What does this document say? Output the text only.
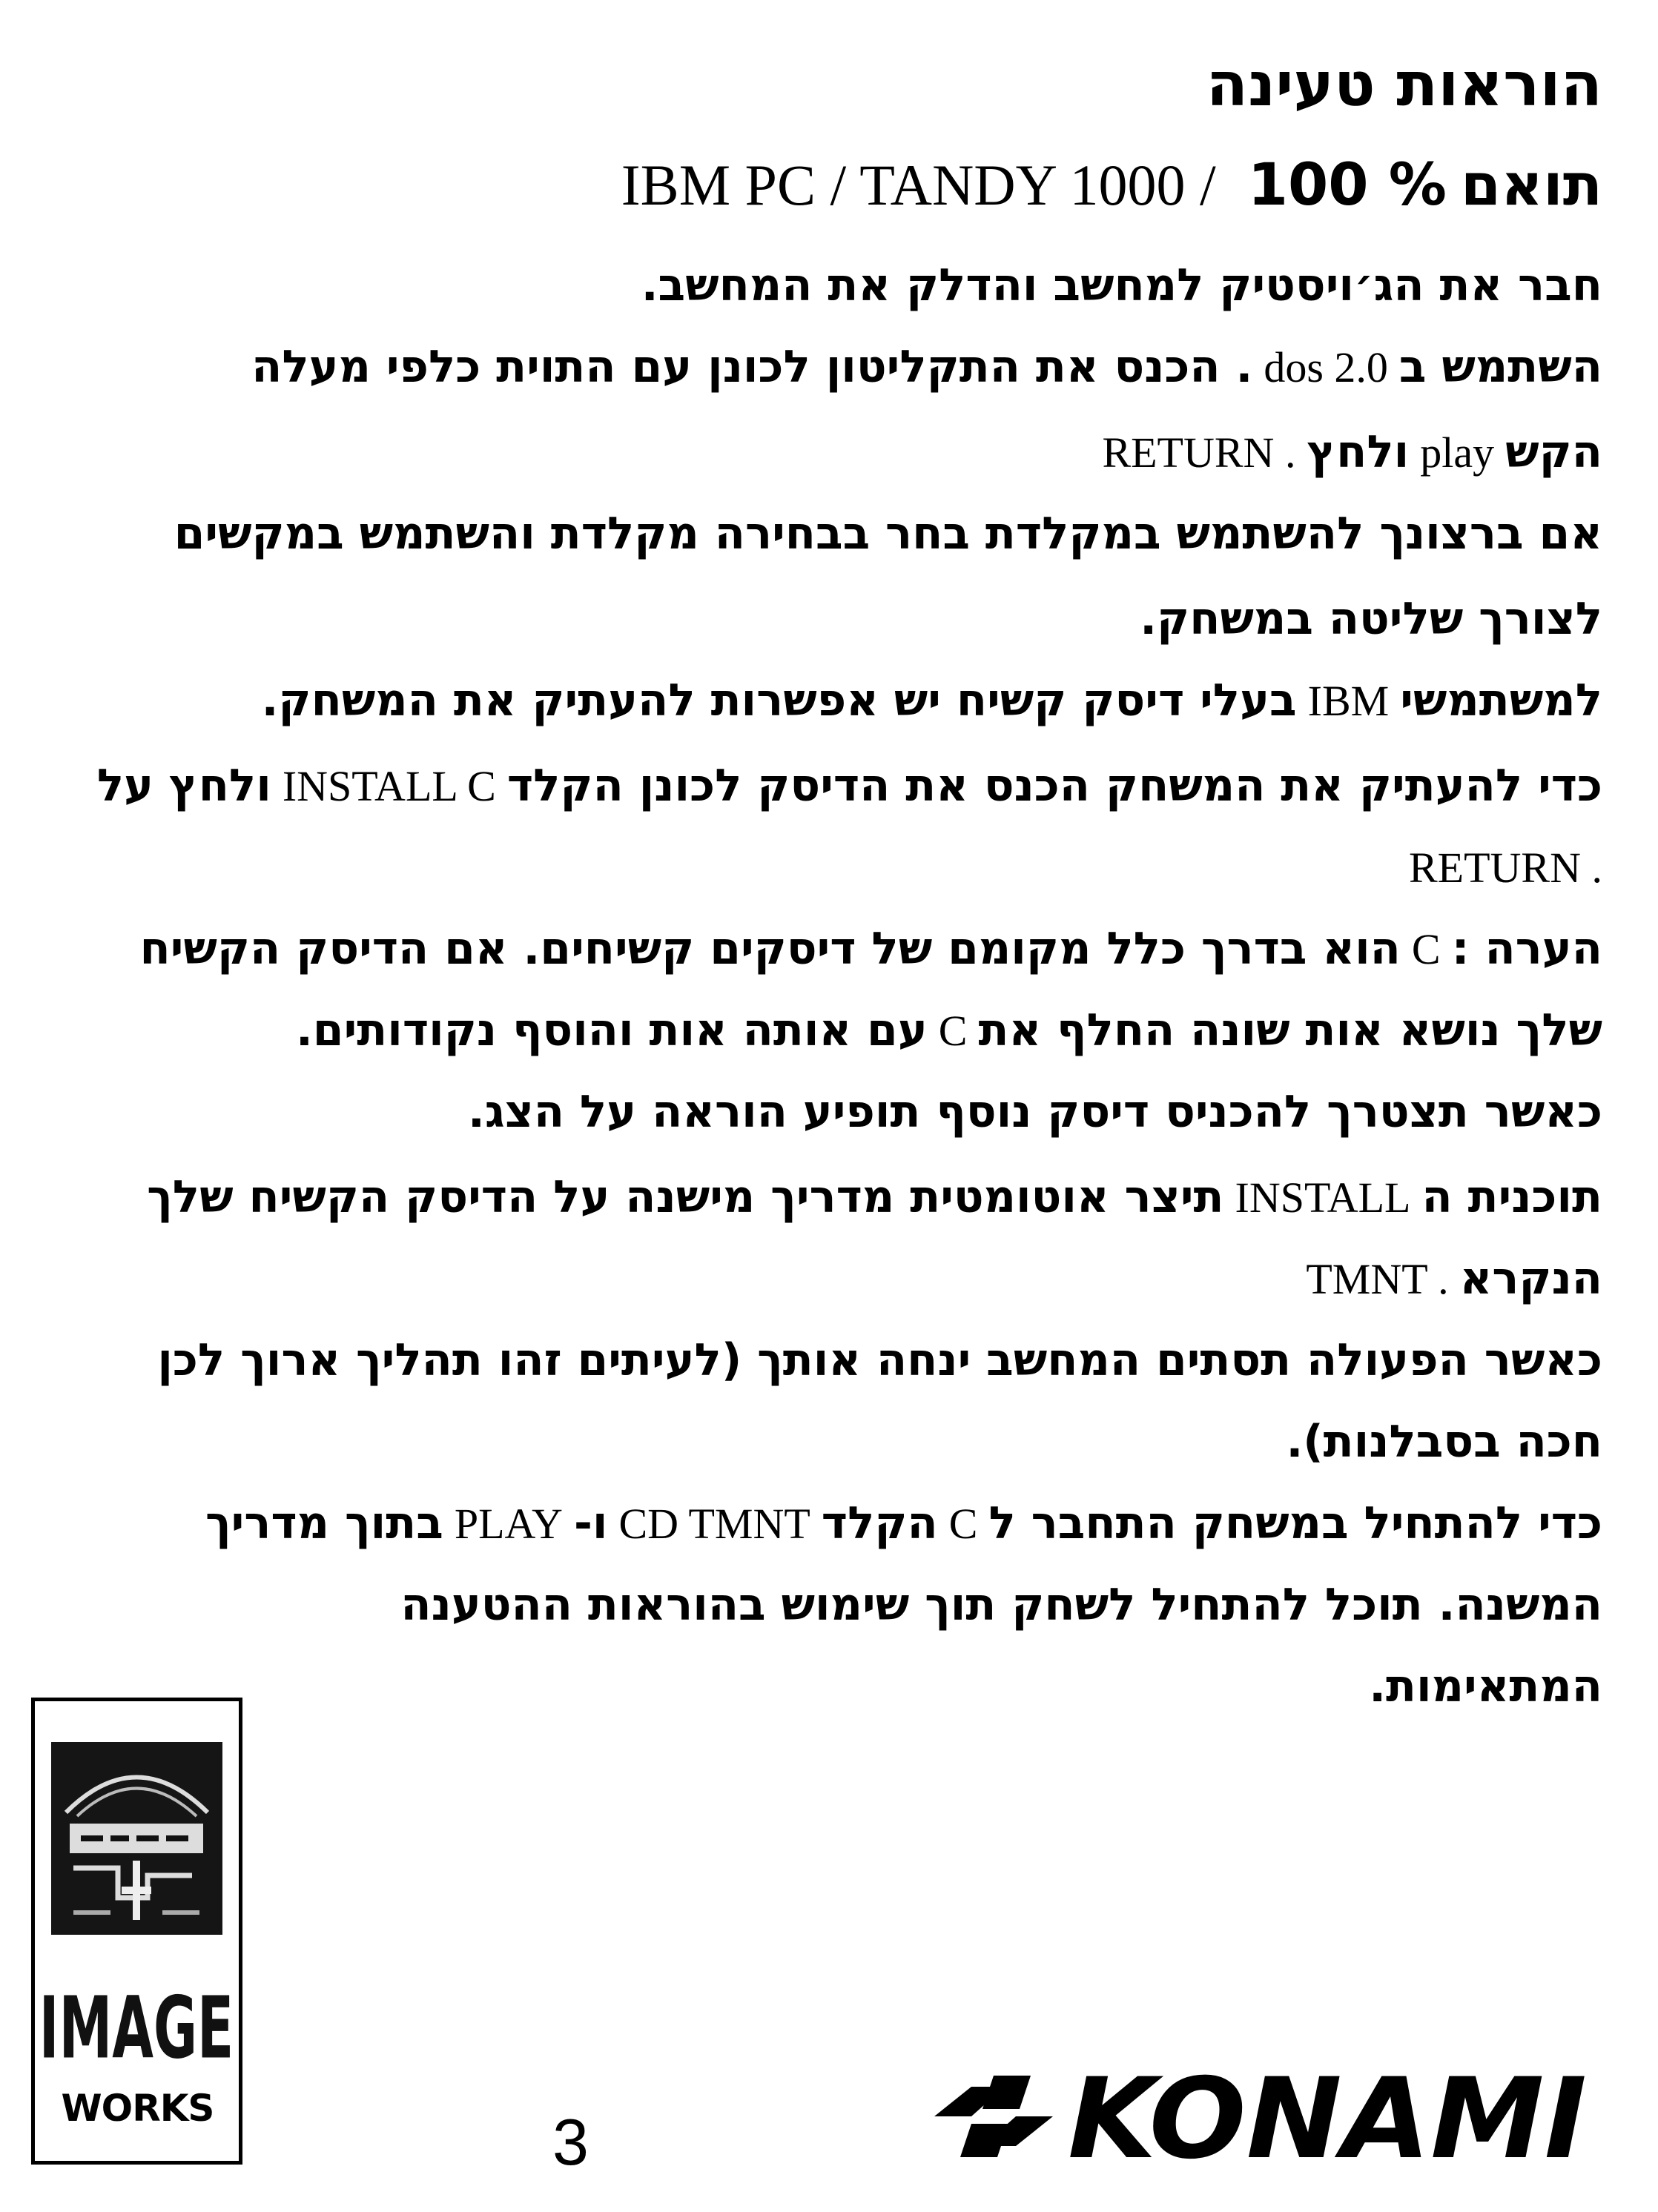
הוראות טעינה
תואם 100 % IBM PC / TANDY 1000 /
חבר את הג׳ויסטיק למחשב והדלק את המחשב.
השתמש ב dos 2.0 . הכנס את התקליטון לכונן עם התוית כלפי מעלה
הקש play ולחץ RETURN .
אם ברצונך להשתמש במקלדת בחר בבחירה מקלדת והשתמש במקשים
לצורך שליטה במשחק.
למשתמשי IBM בעלי דיסק קשיח יש אפשרות להעתיק את המשחק.
כדי להעתיק את המשחק הכנס את הדיסק לכונן הקלד INSTALL C ולחץ על
RETURN .
הערה : C הוא בדרך כלל מקומם של דיסקים קשיחים. אם הדיסק הקשיח
שלך נושא אות שונה החלף את C עם אותה אות והוסף נקודותים.
כאשר תצטרך להכניס דיסק נוסף תופיע הוראה על הצג.
תוכנית ה INSTALL תיצר אוטומטית מדריך מישנה על הדיסק הקשיח שלך
הנקרא TMNT .
כאשר הפעולה תסתים המחשב ינחה אותך (לעיתים זהו תהליך ארוך לכן
חכה בסבלנות).
כדי להתחיל במשחק התחבר ל C הקלד CD TMNT ו- PLAY בתוך מדריך
המשנה. תוכל להתחיל לשחק תוך שימוש בהוראות ההטענה
המתאימות.
IMAGE
WORKS	3	KONAMI
